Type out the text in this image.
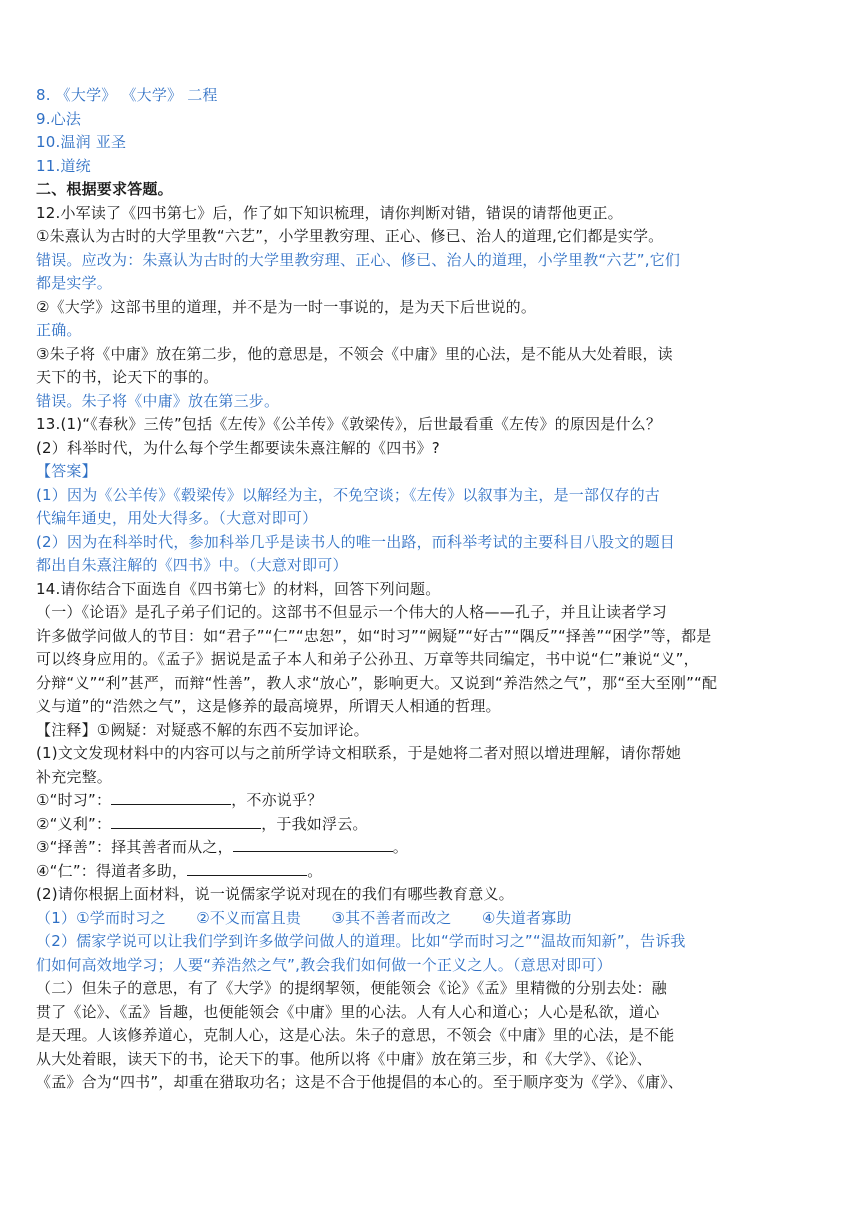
8. 《大学》 《大学》 二程
9.心法
10.温润 亚圣
11.道统
二、根据要求答题。
12.小军读了《四书第七》后，作了如下知识梳理，请你判断对错，错误的请帮他更正。
①朱熹认为古时的大学里教“六艺”，小学里教穷理、正心、修已、治人的道理,它们都是实学。
错误。应改为：朱熹认为古时的大学里教穷理、正心、修已、治人的道理，小学里教“六艺”,它们
都是实学。
②《大学》这部书里的道理，并不是为一时一事说的，是为天下后世说的。
正确。
③朱子将《中庸》放在第二步，他的意思是，不领会《中庸》里的心法，是不能从大处着眼，读
天下的书，论天下的事的。
错误。朱子将《中庸》放在第三步。
13.(1)“《春秋》三传”包括《左传》《公羊传》《敦梁传》，后世最看重《左传》的原因是什么？
(2）科举时代，为什么每个学生都要读朱熹注解的《四书》?
【答案】
(1）因为《公羊传》《毂梁传》以解经为主，不免空谈；《左传》以叙事为主，是一部仅存的古
代编年通史，用处大得多。（大意对即可）
(2）因为在科举时代，参加科举几乎是读书人的唯一出路，而科举考试的主要科目八股文的题目
都出自朱熹注解的《四书》中。（大意对即可）
14.请你结合下面选自《四书第七》的材料，回答下列问题。
（一）《论语》是孔子弟子们记的。这部书不但显示一个伟大的人格——孔子，并且让读者学习
许多做学问做人的节目：如“君子”“仁”“忠恕”，如“时习”“阙疑”“好古”“隅反”“择善”“困学”等，都是
可以终身应用的。《孟子》据说是孟子本人和弟子公孙丑、万章等共同编定，书中说“仁”兼说“义”，
分辩“义”“利”甚严，而辩“性善”，教人求“放心”，影响更大。又说到“养浩然之气”，那“至大至刚”“配
义与道”的“浩然之气”，这是修养的最高境界，所谓天人相通的哲理。
【注释】①阙疑：对疑惑不解的东西不妄加评论。
(1)文文发现材料中的内容可以与之前所学诗文相联系，于是她将二者对照以增进理解，请你帮她
补充完整。
①“时习”：	，不亦说乎？
②“义利”：	，于我如浮云。
③“择善”：择其善者而从之，	。
④“仁”：得道者多助，	。
(2)请你根据上面材料，说一说儒家学说对现在的我们有哪些教育意义。
（1）①学而时习之　　②不义而富且贵　　③其不善者而改之　　④失道者寡助
（2）儒家学说可以让我们学到许多做学问做人的道理。比如“学而时习之”“温故而知新”，告诉我
们如何高效地学习；人要“养浩然之气”,教会我们如何做一个正义之人。（意思对即可）
（二）但朱子的意思，有了《大学》的提纲挈领，便能领会《论》《孟》里精微的分别去处：融
贯了《论》、《孟》旨趣，也便能领会《中庸》里的心法。人有人心和道心；人心是私欲，道心
是天理。人该修养道心，克制人心，这是心法。朱子的意思，不领会《中庸》里的心法，是不能
从大处着眼，读天下的书，论天下的事。他所以将《中庸》放在第三步，和《大学》、《论》、
《孟》合为“四书”，却重在猎取功名；这是不合于他提倡的本心的。至于顺序变为《学》、《庸》、
